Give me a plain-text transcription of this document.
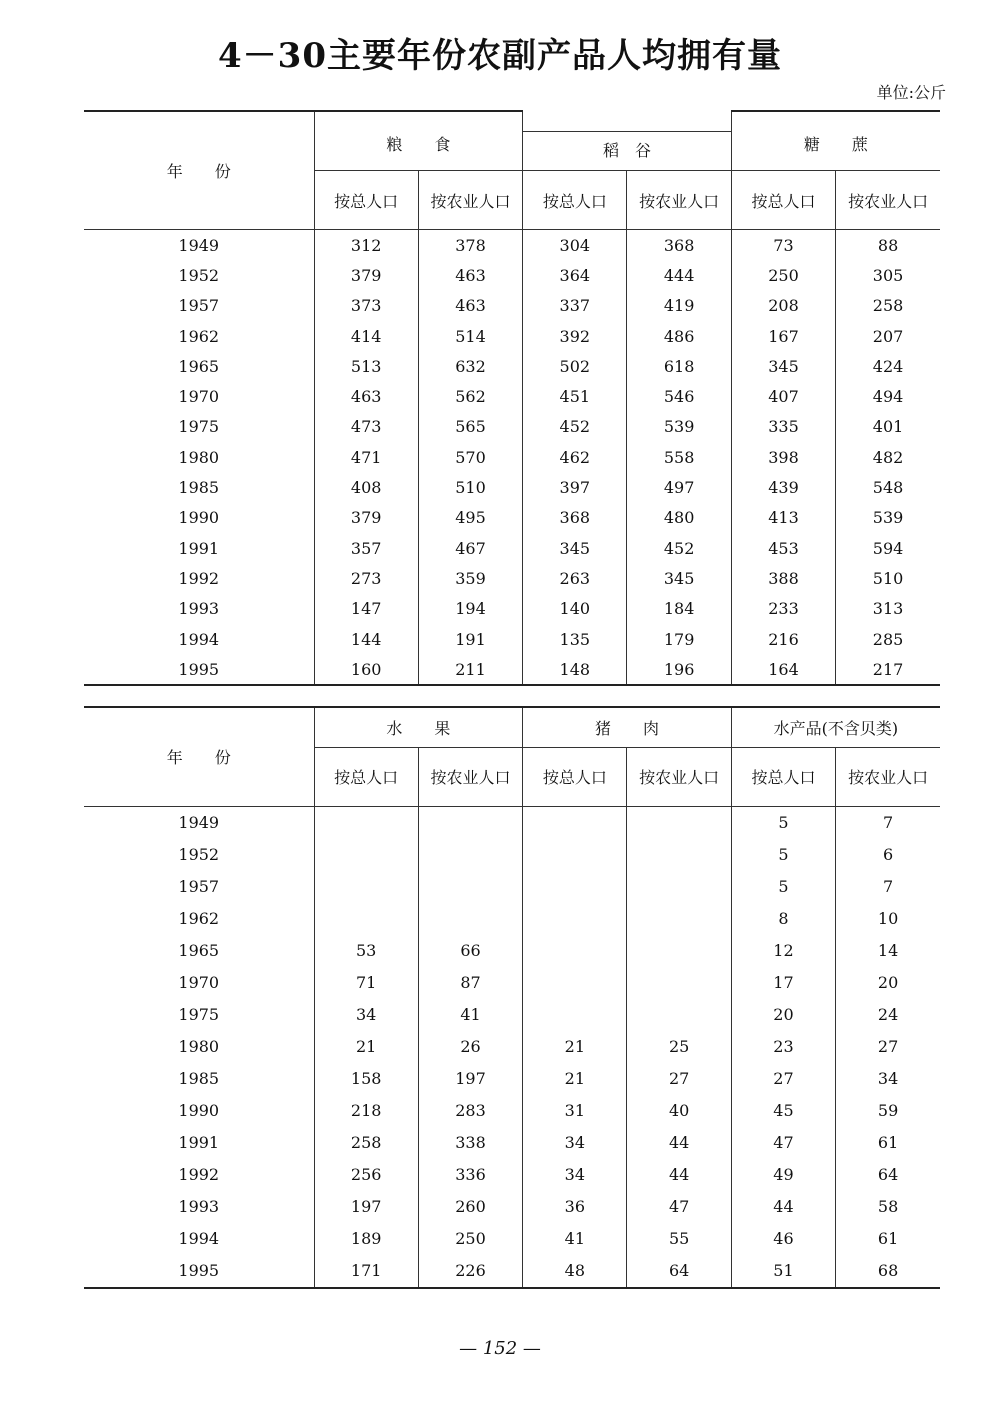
4－30主要年份农副产品人均拥有量
单位:公斤
年　　份	粮　　食		稻　谷		糖　　蔗	
	按总人口	按农业人口	按总人口	按农业人口	按总人口	按农业人口
1949	312	378	304	368	73	88
1952	379	463	364	444	250	305
1957	373	463	337	419	208	258
1962	414	514	392	486	167	207
1965	513	632	502	618	345	424
1970	463	562	451	546	407	494
1975	473	565	452	539	335	401
1980	471	570	462	558	398	482
1985	408	510	397	497	439	548
1990	379	495	368	480	413	539
1991	357	467	345	452	453	594
1992	273	359	263	345	388	510
1993	147	194	140	184	233	313
1994	144	191	135	179	216	285
1995	160	211	148	196	164	217
年　　份	水　　果		猪　　肉		水产品(不含贝类)	
	按总人口	按农业人口	按总人口	按农业人口	按总人口	按农业人口
1949					5	7
1952					5	6
1957					5	7
1962					8	10
1965	53	66			12	14
1970	71	87			17	20
1975	34	41			20	24
1980	21	26	21	25	23	27
1985	158	197	21	27	27	34
1990	218	283	31	40	45	59
1991	258	338	34	44	47	61
1992	256	336	34	44	49	64
1993	197	260	36	47	44	58
1994	189	250	41	55	46	61
1995	171	226	48	64	51	68
— 152 —
